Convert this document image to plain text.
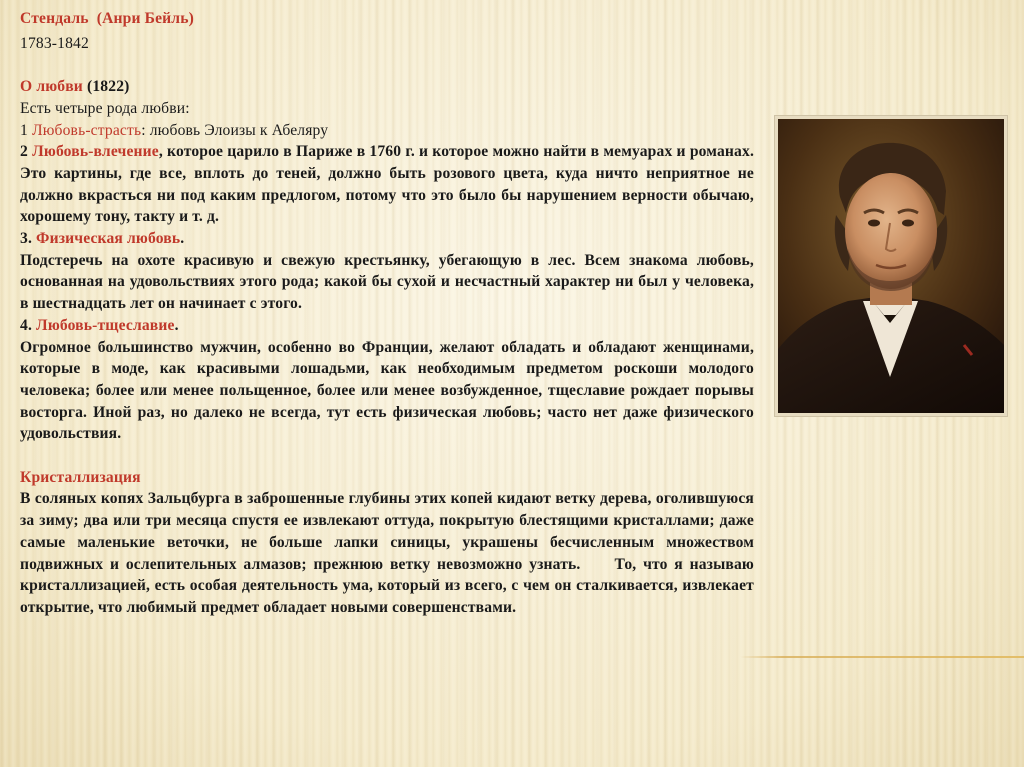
Стендаль (Анри Бейль)

1783-1842

О любви (1822)

Есть четыре рода любви:

1 Любовь-страсть: любовь Элоизы к Абеляру

2 Любовь-влечение, которое царило в Париже в 1760 г. и которое можно найти в мемуарах и романах. Это картины, где все, вплоть до теней, должно быть розового цвета, куда ничто неприятное не должно вкрасться ни под каким предлогом, потому что это было бы нарушением верности обычаю, хорошему тону, такту и т. д.

3. Физическая любовь.

Подстеречь на охоте красивую и свежую крестьянку, убегающую в лес. Всем знакома любовь, основанная на удовольствиях этого рода; какой бы сухой и несчастный характер ни был у человека, в шестнадцать лет он начинает с этого.

4. Любовь-тщеславие.

Огромное большинство мужчин, особенно во Франции, желают обладать и обладают женщинами, которые в моде, как красивыми лошадьми, как необходимым предметом роскоши молодого человека; более или менее польщенное, более или менее возбужденное, тщеславие рождает порывы восторга. Иной раз, но далеко не всегда, тут есть физическая любовь; часто нет даже физического удовольствия.

Кристаллизация

В соляных копях Зальцбурга в заброшенные глубины этих копей кидают ветку дерева, оголившуюся за зиму; два или три месяца спустя ее извлекают оттуда, покрытую блестящими кристаллами; даже самые маленькие веточки, не больше лапки синицы, украшены бесчисленным множеством подвижных и ослепительных алмазов; прежнюю ветку невозможно узнать. То, что я называю кристаллизацией, есть особая деятельность ума, который из всего, с чем он сталкивается, извлекает открытие, что любимый предмет обладает новыми совершенствами.
